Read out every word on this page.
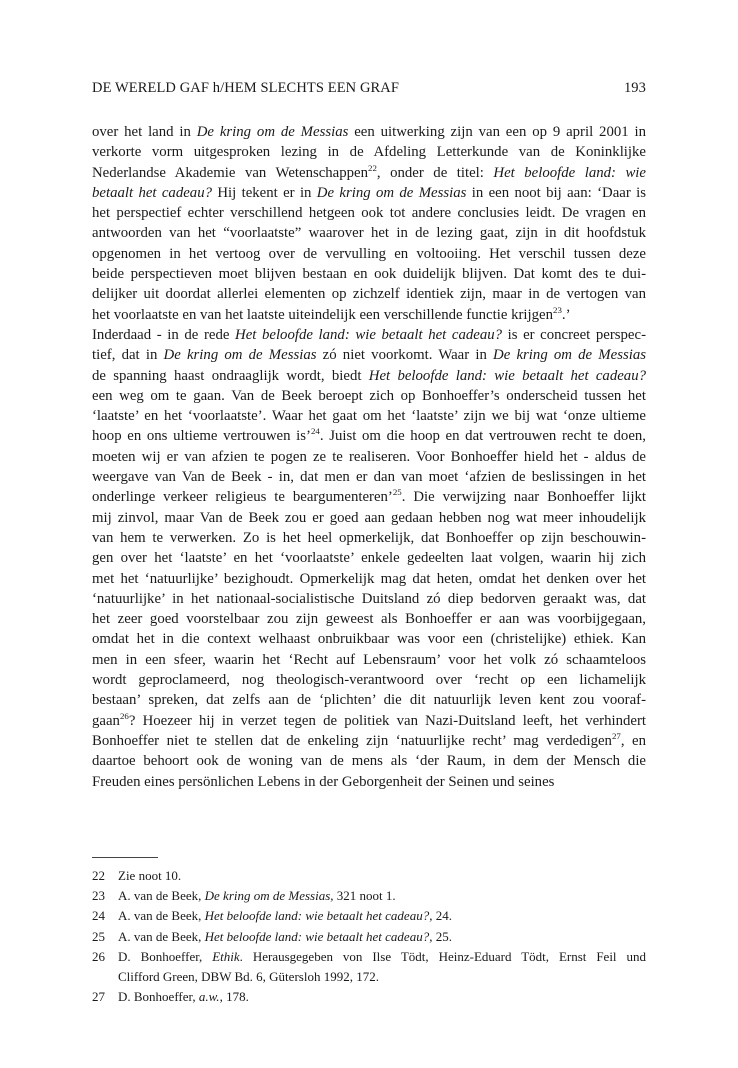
DE WERELD GAF h/HEM SLECHTS EEN GRAF	193
over het land in De kring om de Messias een uitwerking zijn van een op 9 april 2001 in
verkorte vorm uitgesproken lezing in de Afdeling Letterkunde van de Koninklijke
Nederlandse Akademie van Wetenschappen$^{22}$, onder de titel: Het beloofde land: wie
betaalt het cadeau? Hij tekent er in De kring om de Messias in een noot bij aan: ‘Daar is
het perspectief echter verschillend hetgeen ook tot andere conclusies leidt. De vragen en
antwoorden van het “voorlaatste” waarover het in de lezing gaat, zijn in dit hoofdstuk
opgenomen in het vertoog over de vervulling en voltooiing. Het verschil tussen deze
beide perspectieven moet blijven bestaan en ook duidelijk blijven. Dat komt des te dui-
delijker uit doordat allerlei elementen op zichzelf identiek zijn, maar in de vertogen van
het voorlaatste en van het laatste uiteindelijk een verschillende functie krijgen$^{23}$.’
Inderdaad - in de rede Het beloofde land: wie betaalt het cadeau? is er concreet perspec-
tief, dat in De kring om de Messias zó niet voorkomt. Waar in De kring om de Messias
de spanning haast ondraaglijk wordt, biedt Het beloofde land: wie betaalt het cadeau?
een weg om te gaan. Van de Beek beroept zich op Bonhoeffer’s onderscheid tussen het
‘laatste’ en het ‘voorlaatste’. Waar het gaat om het ‘laatste’ zijn we bij wat ‘onze ultieme
hoop en ons ultieme vertrouwen is’$^{24}$. Juist om die hoop en dat vertrouwen recht te doen,
moeten wij er van afzien te pogen ze te realiseren. Voor Bonhoeffer hield het - aldus de
weergave van Van de Beek - in, dat men er dan van moet ‘afzien de beslissingen in het
onderlinge verkeer religieus te beargumenteren’$^{25}$. Die verwijzing naar Bonhoeffer lijkt
mij zinvol, maar Van de Beek zou er goed aan gedaan hebben nog wat meer inhoudelijk
van hem te verwerken. Zo is het heel opmerkelijk, dat Bonhoeffer op zijn beschouwin-
gen over het ‘laatste’ en het ‘voorlaatste’ enkele gedeelten laat volgen, waarin hij zich
met het ‘natuurlijke’ bezighoudt. Opmerkelijk mag dat heten, omdat het denken over het
‘natuurlijke’ in het nationaal-socialistische Duitsland zó diep bedorven geraakt was, dat
het zeer goed voorstelbaar zou zijn geweest als Bonhoeffer er aan was voorbijgegaan,
omdat het in die context welhaast onbruikbaar was voor een (christelijke) ethiek. Kan
men in een sfeer, waarin het ‘Recht auf Lebensraum’ voor het volk zó schaamteloos
wordt geproclameerd, nog theologisch-verantwoord over ‘recht op een lichamelijk
bestaan’ spreken, dat zelfs aan de ‘plichten’ die dit natuurlijk leven kent zou vooraf-
gaan$^{26}$? Hoezeer hij in verzet tegen de politiek van Nazi-Duitsland leeft, het verhindert
Bonhoeffer niet te stellen dat de enkeling zijn ‘natuurlijke recht’ mag verdedigen$^{27}$, en
daartoe behoort ook de woning van de mens als ‘der Raum, in dem der Mensch die
Freuden eines persönlichen Lebens in der Geborgenheit der Seinen und seines
22 Zie noot 10.
23 A. van de Beek, De kring om de Messias, 321 noot 1.
24 A. van de Beek, Het beloofde land: wie betaalt het cadeau?, 24.
25 A. van de Beek, Het beloofde land: wie betaalt het cadeau?, 25.
26 D. Bonhoeffer, Ethik. Herausgegeben von Ilse Tödt, Heinz-Eduard Tödt, Ernst Feil und
Clifford Green, DBW Bd. 6, Gütersloh 1992, 172.
27 D. Bonhoeffer, a.w., 178.
